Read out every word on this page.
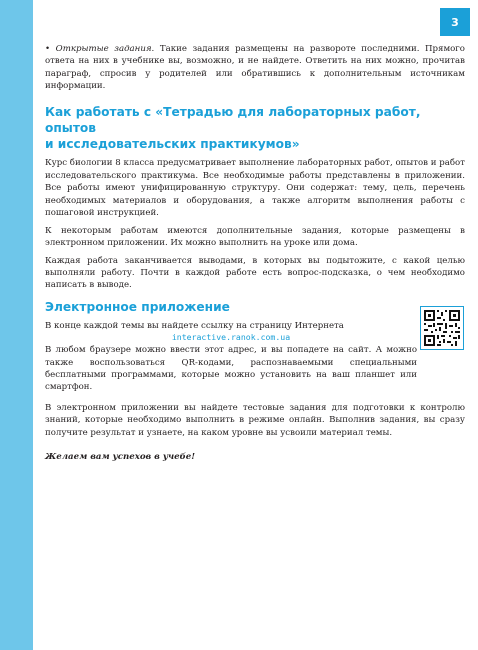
3

• Открытые задания. Такие задания размещены на развороте последними. Прямого ответа на них в учебнике вы, возможно, и не найдете. Ответить на них можно, прочитав параграф, спросив у родителей или обратившись к дополнительным источникам информации.

Как работать с «Тетрадью для лабораторных работ, опытов
и исследовательских практикумов»

Курс биологии 8 класса предусматривает выполнение лабораторных работ, опытов и работ исследовательского практикума. Все необходимые работы представлены в приложении. Все работы имеют унифицированную структуру. Они содержат: тему, цель, перечень необходимых материалов и оборудования, а также алгоритм выполнения работы с пошаговой инструкцией.

К некоторым работам имеются дополнительные задания, которые размещены в электронном приложении. Их можно выполнить на уроке или дома.

Каждая работа заканчивается выводами, в которых вы подытожите, с какой целью выполняли работу. Почти в каждой работе есть вопрос-подсказка, о чем необходимо написать в выводе.

Электронное приложение

В конце каждой темы вы найдете ссылку на страницу Интернета

interactive.ranok.com.ua

В любом браузере можно ввести этот адрес, и вы попадете на сайт. А можно также воспользоваться QR-кодами, распознаваемыми специальными бесплатными программами, которые можно установить на ваш планшет или смартфон.

В электронном приложении вы найдете тестовые задания для подготовки к контролю знаний, которые необходимо выполнить в режиме онлайн. Выполнив задания, вы сразу получите результат и узнаете, на каком уровне вы усвоили материал темы.

Желаем вам успехов в учебе!
